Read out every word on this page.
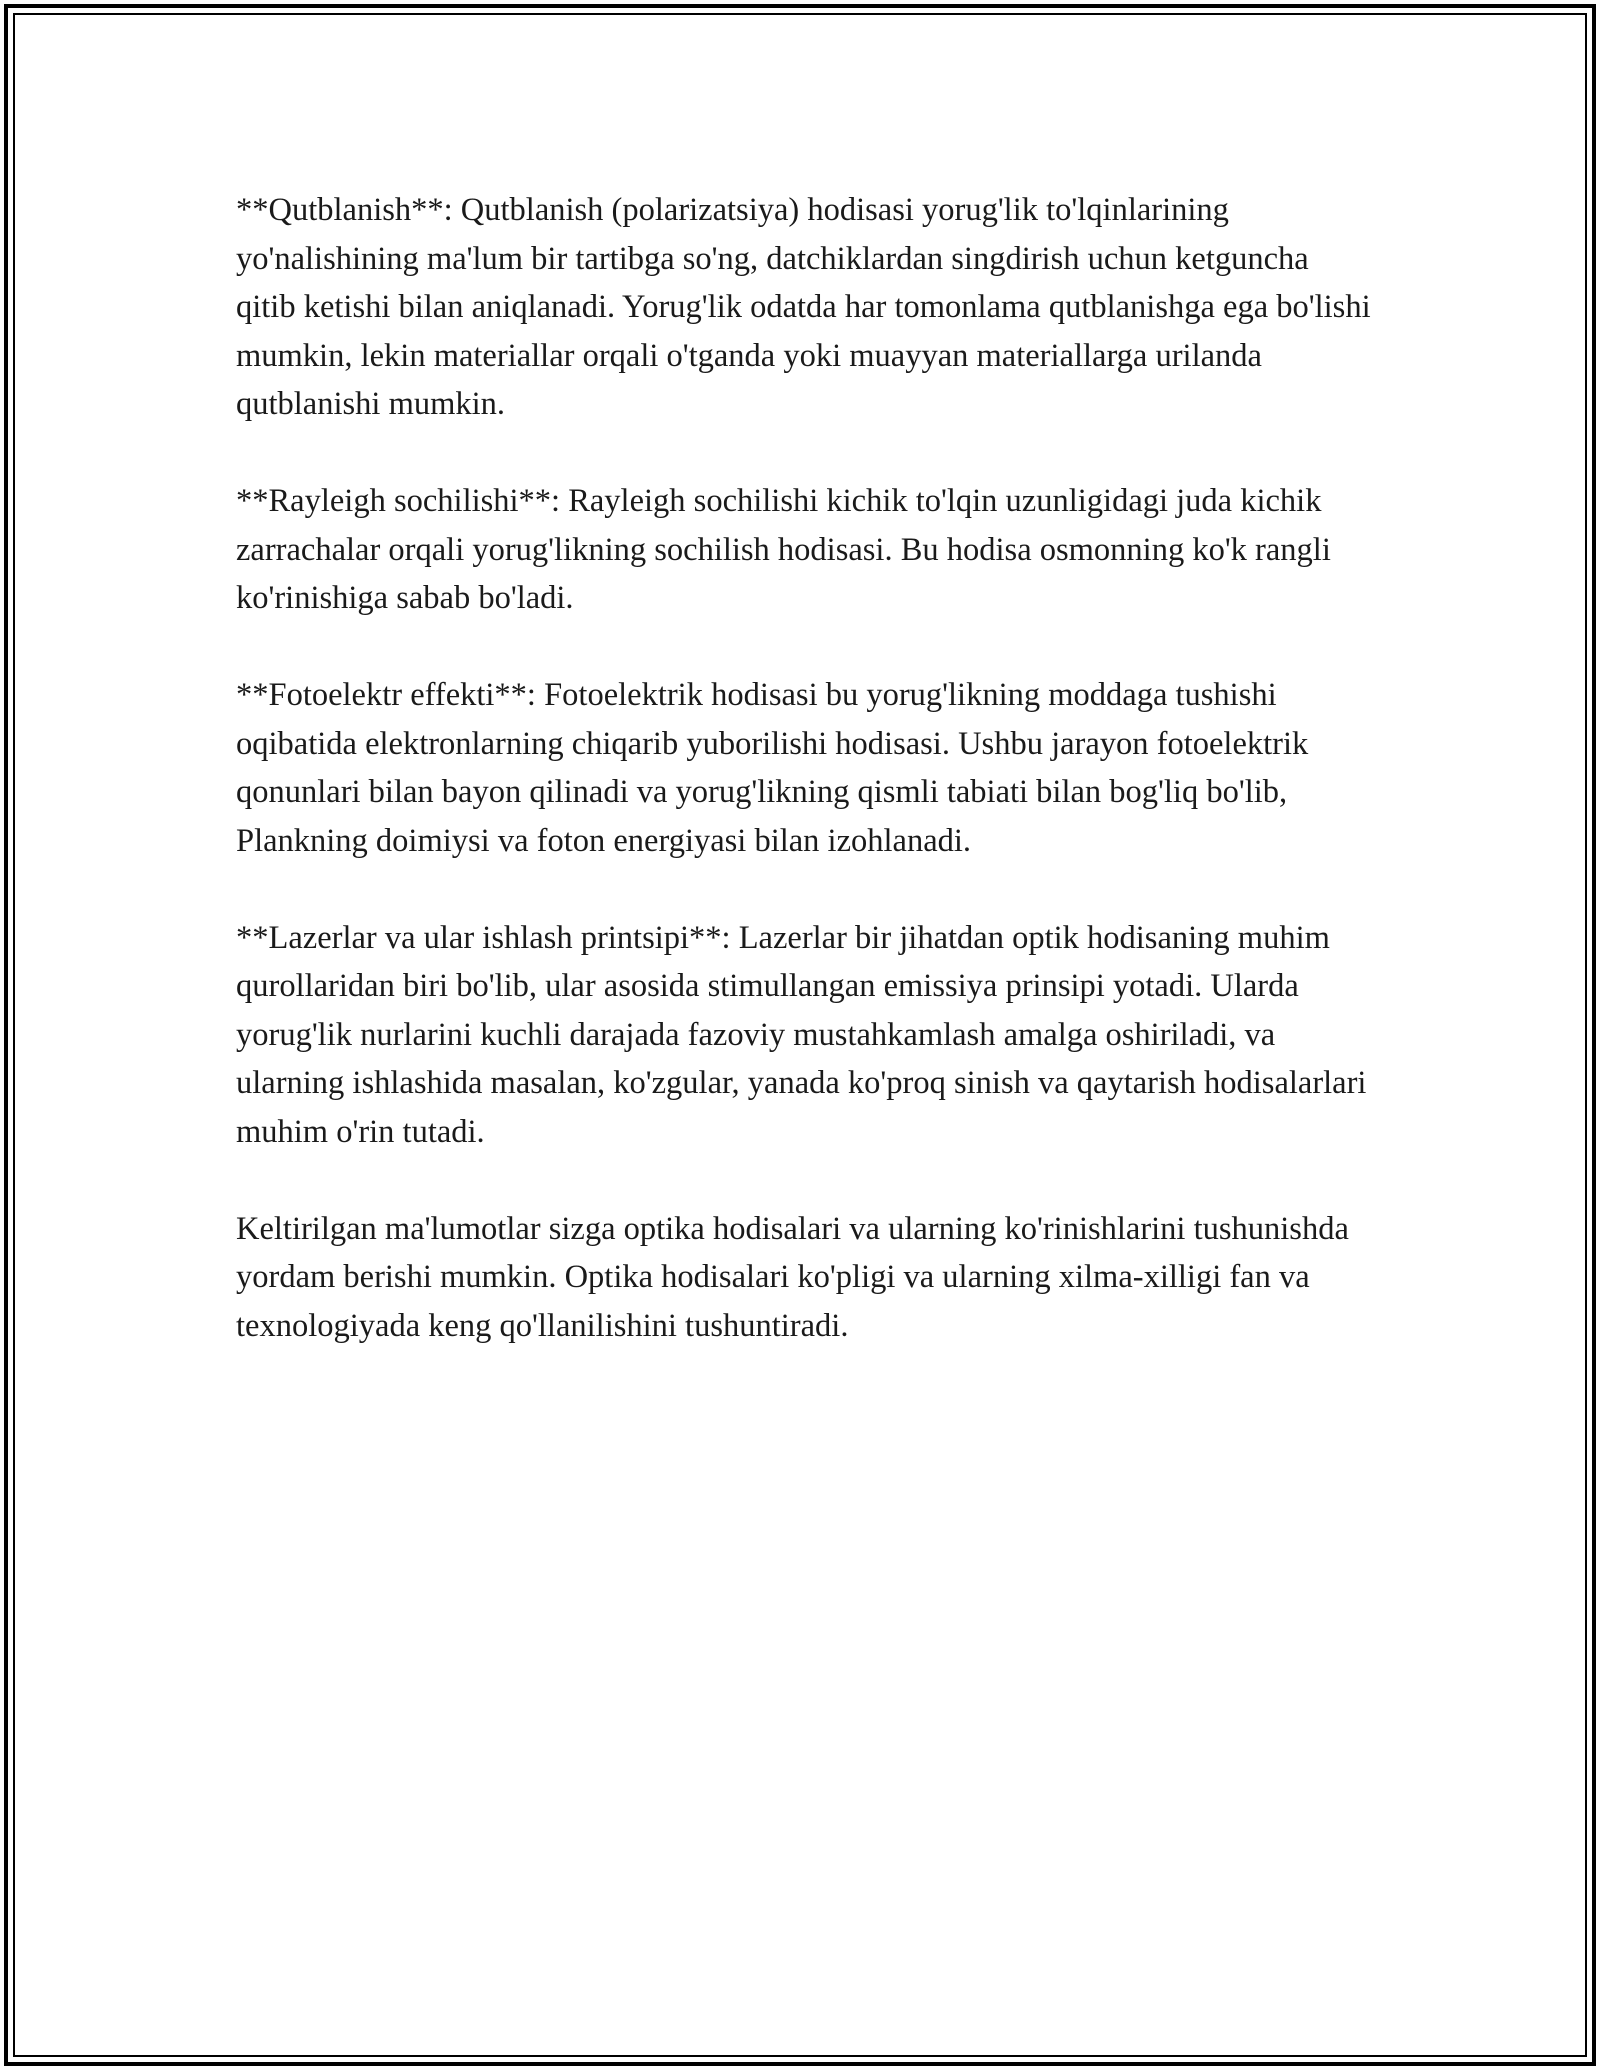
**Qutblanish**: Qutblanish (polarizatsiya) hodisasi yorug'lik to'lqinlarining yo'nalishining ma'lum bir tartibga so'ng, datchiklardan singdirish uchun ketguncha qitib ketishi bilan aniqlanadi. Yorug'lik odatda har tomonlama qutblanishga ega bo'lishi mumkin, lekin materiallar orqali o'tganda yoki muayyan materiallarga urilanda qutblanishi mumkin.

**Rayleigh sochilishi**: Rayleigh sochilishi kichik to'lqin uzunligidagi juda kichik zarrachalar orqali yorug'likning sochilish hodisasi. Bu hodisa osmonning ko'k rangli ko'rinishiga sabab bo'ladi.

**Fotoelektr effekti**: Fotoelektrik hodisasi bu yorug'likning moddaga tushishi oqibatida elektronlarning chiqarib yuborilishi hodisasi. Ushbu jarayon fotoelektrik qonunlari bilan bayon qilinadi va yorug'likning qismli tabiati bilan bog'liq bo'lib, Plankning doimiysi va foton energiyasi bilan izohlanadi.

**Lazerlar va ular ishlash printsipi**: Lazerlar bir jihatdan optik hodisaning muhim qurollaridan biri bo'lib, ular asosida stimullangan emissiya prinsipi yotadi. Ularda yorug'lik nurlarini kuchli darajada fazoviy mustahkamlash amalga oshiriladi, va ularning ishlashida masalan, ko'zgular, yanada ko'proq sinish va qaytarish hodisalarlari muhim o'rin tutadi.

Keltirilgan ma'lumotlar sizga optika hodisalari va ularning ko'rinishlarini tushunishda yordam berishi mumkin. Optika hodisalari ko'pligi va ularning xilma-xilligi fan va texnologiyada keng qo'llanilishini tushuntiradi.
